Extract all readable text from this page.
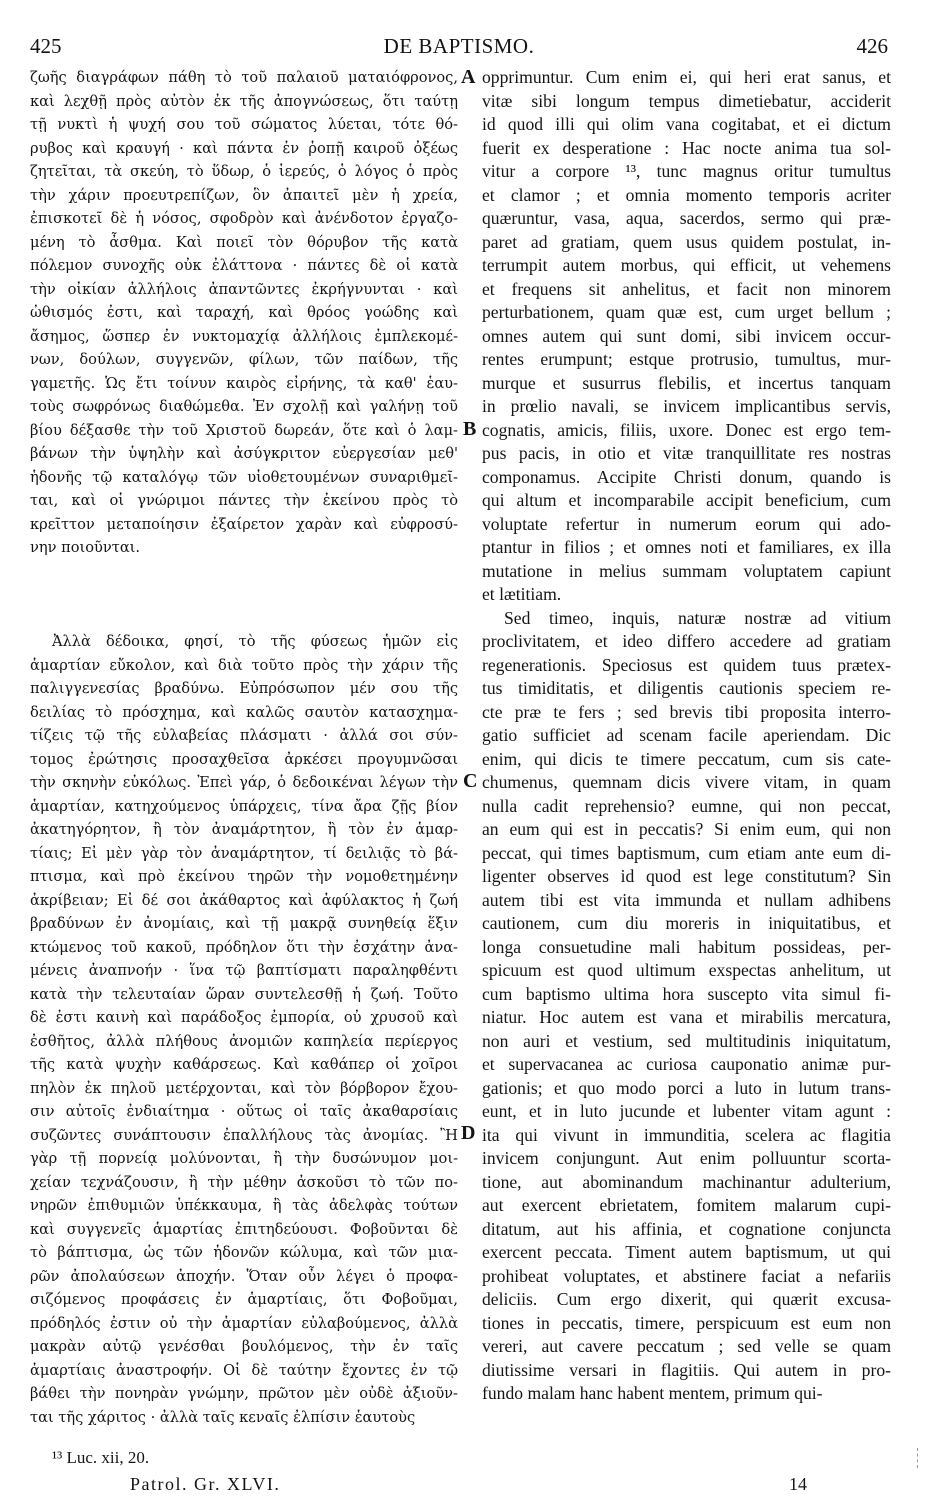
425	DE BAPTISMO.	426
ζωῆς διαγράφων πάθη τὸ τοῦ παλαιοῦ ματαιόφρονος,
καὶ λεχθῇ πρὸς αὐτὸν ἐκ τῆς ἀπογνώσεως, ὅτι ταύτῃ
τῇ νυκτὶ ἡ ψυχή σου τοῦ σώματος λύεται, τότε θό-
ρυβος καὶ κραυγή · καὶ πάντα ἐν ῥοπῇ καιροῦ ὀξέως
ζητεῖται, τὰ σκεύη, τὸ ὕδωρ, ὁ ἱερεύς, ὁ λόγος ὁ πρὸς
τὴν χάριν προευτρεπίζων, ὃν ἀπαιτεῖ μὲν ἡ χρεία,
ἐπισκοτεῖ δὲ ἡ νόσος, σφοδρὸν καὶ ἀνένδοτον ἐργαζο-
μένη τὸ ἆσθμα. Καὶ ποιεῖ τὸν θόρυβον τῆς κατὰ
πόλεμον συνοχῆς οὐκ ἐλάττονα · πάντες δὲ οἱ κατὰ
τὴν οἰκίαν ἀλλήλοις ἀπαντῶντες ἐκρήγνυνται · καὶ
ὠθισμός ἐστι, καὶ ταραχή, καὶ θρόος γοώδης καὶ
ἄσημος, ὥσπερ ἐν νυκτομαχίᾳ ἀλλήλοις ἐμπλεκομέ-
νων, δούλων, συγγενῶν, φίλων, τῶν παίδων, τῆς
γαμετῆς. Ὡς ἔτι τοίνυν καιρὸς εἰρήνης, τὰ καθ' ἑαυ-
τοὺς σωφρόνως διαθώμεθα. Ἐν σχολῇ καὶ γαλήνῃ τοῦ
βίου δέξασθε τὴν τοῦ Χριστοῦ δωρεάν, ὅτε καὶ ὁ λαμ-
βάνων τὴν ὑψηλὴν καὶ ἀσύγκριτον εὐεργεσίαν μεθ'
ἡδονῆς τῷ καταλόγῳ τῶν υἱοθετουμένων συναριθμεῖ-
ται, καὶ οἱ γνώριμοι πάντες τὴν ἐκείνου πρὸς τὸ
κρεῖττον μεταποίησιν ἐξαίρετον χαρὰν καὶ εὐφροσύ-
νην ποιοῦνται.
Ἀλλὰ δέδοικα, φησί, τὸ τῆς φύσεως ἡμῶν εἰς
ἁμαρτίαν εὔκολον, καὶ διὰ τοῦτο πρὸς τὴν χάριν τῆς
παλιγγενεσίας βραδύνω. Εὐπρόσωπον μέν σου τῆς
δειλίας τὸ πρόσχημα, καὶ καλῶς σαυτὸν κατασχημα-
τίζεις τῷ τῆς εὐλαβείας πλάσματι · ἀλλά σοι σύν-
τομος ἐρώτησις προσαχθεῖσα ἀρκέσει προγυμνῶσαι
τὴν σκηνὴν εὐκόλως. Ἐπεὶ γάρ, ὁ δεδοικέναι λέγων τὴν
ἁμαρτίαν, κατηχούμενος ὑπάρχεις, τίνα ἄρα ζῇς βίον
ἀκατηγόρητον, ἢ τὸν ἀναμάρτητον, ἢ τὸν ἐν ἁμαρ-
τίαις; Εἰ μὲν γὰρ τὸν ἀναμάρτητον, τί δειλιᾷς τὸ βά-
πτισμα, καὶ πρὸ ἐκείνου τηρῶν τὴν νομοθετημένην
ἀκρίβειαν; Εἰ δέ σοι ἀκάθαρτος καὶ ἀφύλακτος ἡ ζωή
βραδύνων ἐν ἀνομίαις, καὶ τῇ μακρᾷ συνηθείᾳ ἕξιν
κτώμενος τοῦ κακοῦ, πρόδηλον ὅτι τὴν ἐσχάτην ἀνα-
μένεις ἀναπνοήν · ἵνα τῷ βαπτίσματι παραληφθέντι
κατὰ τὴν τελευταίαν ὥραν συντελεσθῇ ἡ ζωή. Τοῦτο
δὲ ἐστι καινὴ καὶ παράδοξος ἐμπορία, οὐ χρυσοῦ καὶ
ἐσθῆτος, ἀλλὰ πλήθους ἀνομιῶν καπηλεία περίεργος
τῆς κατὰ ψυχὴν καθάρσεως. Καὶ καθάπερ οἱ χοῖροι
πηλὸν ἐκ πηλοῦ μετέρχονται, καὶ τὸν βόρβορον ἔχου-
σιν αὐτοῖς ἐνδιαίτημα · οὕτως οἱ ταῖς ἀκαθαρσίαις
συζῶντες συνάπτουσιν ἐπαλλήλους τὰς ἀνομίας. Ἢ
γὰρ τῇ πορνείᾳ μολύνονται, ἢ τὴν δυσώνυμον μοι-
χείαν τεχνάζουσιν, ἢ τὴν μέθην ἀσκοῦσι τὸ τῶν πο-
νηρῶν ἐπιθυμιῶν ὑπέκκαυμα, ἢ τὰς ἀδελφὰς τούτων
καὶ συγγενεῖς ἁμαρτίας ἐπιτηδεύουσι. Φοβοῦνται δὲ
τὸ βάπτισμα, ὡς τῶν ἡδονῶν κώλυμα, καὶ τῶν μια-
ρῶν ἀπολαύσεων ἀποχήν. Ὅταν οὖν λέγει ὁ προφα-
σιζόμενος προφάσεις ἐν ἁμαρτίαις, ὅτι Φοβοῦμαι,
πρόδηλός ἐστιν οὐ τὴν ἁμαρτίαν εὐλαβούμενος, ἀλλὰ
μακρὰν αὐτῷ γενέσθαι βουλόμενος, τὴν ἐν ταῖς
ἁμαρτίαις ἀναστροφήν. Οἱ δὲ ταύτην ἔχοντες ἐν τῷ
βάθει τὴν πονηρὰν γνώμην, πρῶτον μὲν οὐδὲ ἀξιοῦν-
ται τῆς χάριτος · ἀλλὰ ταῖς κεναῖς ἐλπίσιν ἑαυτοὺς
opprimuntur. Cum enim ei, qui heri erat sanus, et
vitæ sibi longum tempus dimetiebatur, acciderit
id quod illi qui olim vana cogitabat, et ei dictum
fuerit ex desperatione : Hac nocte anima tua sol-
vitur a corpore ¹³, tunc magnus oritur tumultus
et clamor ; et omnia momento temporis acriter
quæruntur, vasa, aqua, sacerdos, sermo qui præ-
paret ad gratiam, quem usus quidem postulat, in-
terrumpit autem morbus, qui efficit, ut vehemens
et frequens sit anhelitus, et facit non minorem
perturbationem, quam quæ est, cum urget bellum ;
omnes autem qui sunt domi, sibi invicem occur-
rentes erumpunt; estque protrusio, tumultus, mur-
murque et susurrus flebilis, et incertus tanquam
in prœlio navali, se invicem implicantibus servis,
cognatis, amicis, filiis, uxore. Donec est ergo tem-
pus pacis, in otio et vitæ tranquillitate res nostras
componamus. Accipite Christi donum, quando is
qui altum et incomparabile accipit beneficium, cum
voluptate refertur in numerum eorum qui ado-
ptantur in filios ; et omnes noti et familiares, ex illa
mutatione in melius summam voluptatem capiunt
et lætitiam.
Sed timeo, inquis, naturæ nostræ ad vitium
proclivitatem, et ideo differo accedere ad gratiam
regenerationis. Speciosus est quidem tuus prætex-
tus timiditatis, et diligentis cautionis speciem re-
cte præ te fers ; sed brevis tibi proposita interro-
gatio sufficiet ad scenam facile aperiendam. Dic
enim, qui dicis te timere peccatum, cum sis cate-
chumenus, quemnam dicis vivere vitam, in quam
nulla cadit reprehensio? eumne, qui non peccat,
an eum qui est in peccatis? Si enim eum, qui non
peccat, qui times baptismum, cum etiam ante eum di-
ligenter observes id quod est lege constitutum? Sin
autem tibi est vita immunda et nullam adhibens
cautionem, cum diu moreris in iniquitatibus, et
longa consuetudine mali habitum possideas, per-
spicuum est quod ultimum exspectas anhelitum, ut
cum baptismo ultima hora suscepto vita simul fi-
niatur. Hoc autem est vana et mirabilis mercatura,
non auri et vestium, sed multitudinis iniquitatum,
et supervacanea ac curiosa cauponatio animæ pur-
gationis; et quo modo porci a luto in lutum trans-
eunt, et in luto jucunde et lubenter vitam agunt :
ita qui vivunt in immunditia, scelera ac flagitia
invicem conjungunt. Aut enim polluuntur scorta-
tione, aut abominandum machinantur adulterium,
aut exercent ebrietatem, fomitem malarum cupi-
ditatum, aut his affinia, et cognatione conjuncta
exercent peccata. Timent autem baptismum, ut qui
prohibeat voluptates, et abstinere faciat a nefariis
deliciis. Cum ergo dixerit, qui quærit excusa-
tiones in peccatis, timere, perspicuum est eum non
vereri, aut cavere peccatum ; sed velle se quam
diutissime versari in flagitiis. Qui autem in pro-
fundo malam hanc habent mentem, primum qui-
A
B
C
D
¹³ Luc. xii, 20.
Patrol. Gr. XLVI.	14
